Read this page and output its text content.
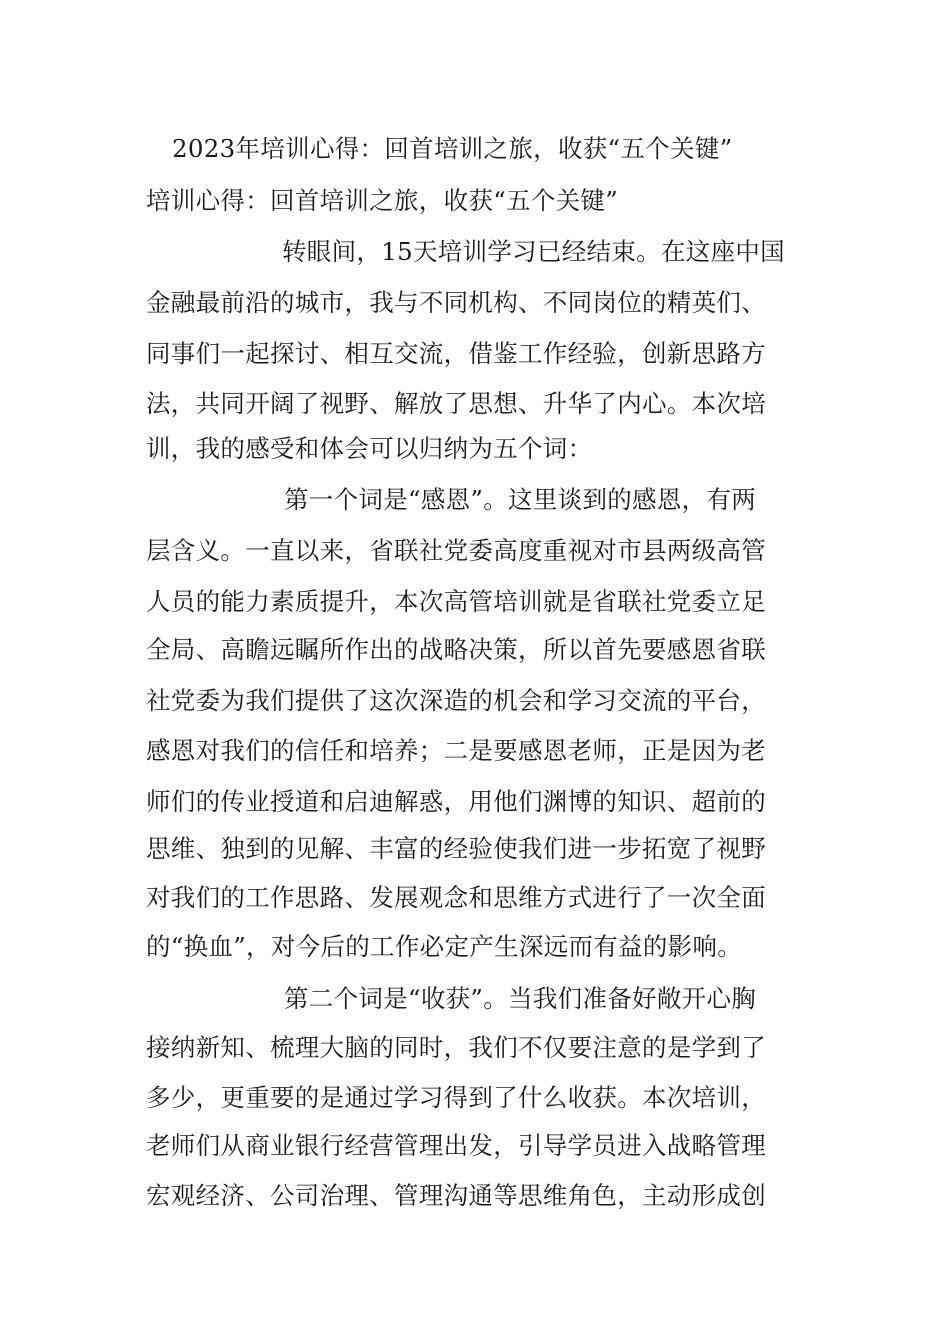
2023年培训心得：回首培训之旅，收获“五个关键”
培训心得：回首培训之旅，收获“五个关键”
转眼间，15天培训学习已经结束。在这座中国
金融最前沿的城市，我与不同机构、不同岗位的精英们、
同事们一起探讨、相互交流，借鉴工作经验，创新思路方
法，共同开阔了视野、解放了思想、升华了内心。本次培
训，我的感受和体会可以归纳为五个词：
第一个词是“感恩”。这里谈到的感恩，有两
层含义。一直以来，省联社党委高度重视对市县两级高管
人员的能力素质提升，本次高管培训就是省联社党委立足
全局、高瞻远瞩所作出的战略决策，所以首先要感恩省联
社党委为我们提供了这次深造的机会和学习交流的平台，
感恩对我们的信任和培养；二是要感恩老师，正是因为老
师们的传业授道和启迪解惑，用他们渊博的知识、超前的
思维、独到的见解、丰富的经验使我们进一步拓宽了视野
对我们的工作思路、发展观念和思维方式进行了一次全面
的“换血”，对今后的工作必定产生深远而有益的影响。
第二个词是“收获”。当我们准备好敞开心胸
接纳新知、梳理大脑的同时，我们不仅要注意的是学到了
多少，更重要的是通过学习得到了什么收获。本次培训，
老师们从商业银行经营管理出发，引导学员进入战略管理
宏观经济、公司治理、管理沟通等思维角色，主动形成创
